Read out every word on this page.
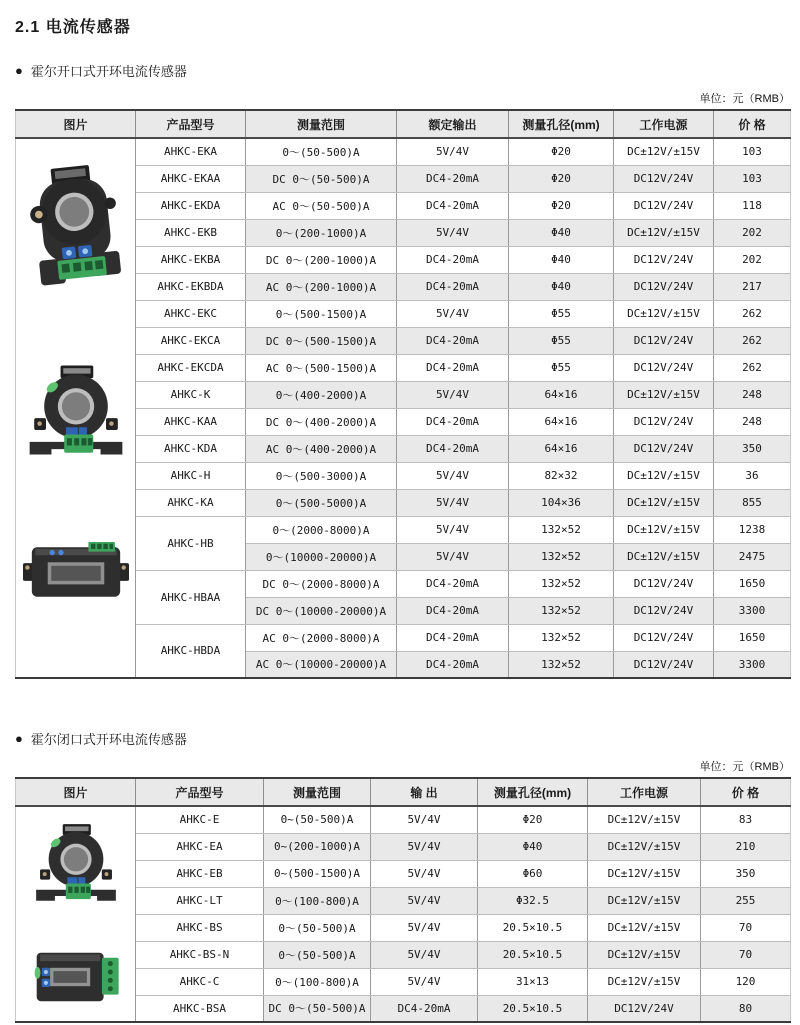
2.1 电流传感器
● 霍尔开口式开环电流传感器
单位：元（RMB）
图片	产品型号	测量范围	额定输出	测量孔径(mm)	工作电源	价 格

	AHKC-EKA	0～(50-500)A	5V/4V	Φ20	DC±12V/±15V	103
	AHKC-EKAA	DC 0～(50-500)A	DC4-20mA	Φ20	DC12V/24V	103
	AHKC-EKDA	AC 0～(50-500)A	DC4-20mA	Φ20	DC12V/24V	118
	AHKC-EKB	0～(200-1000)A	5V/4V	Φ40	DC±12V/±15V	202
	AHKC-EKBA	DC 0～(200-1000)A	DC4-20mA	Φ40	DC12V/24V	202
	AHKC-EKBDA	AC 0～(200-1000)A	DC4-20mA	Φ40	DC12V/24V	217
	AHKC-EKC	0～(500-1500)A	5V/4V	Φ55	DC±12V/±15V	262
	AHKC-EKCA	DC 0～(500-1500)A	DC4-20mA	Φ55	DC12V/24V	262
	AHKC-EKCDA	AC 0～(500-1500)A	DC4-20mA	Φ55	DC12V/24V	262
	AHKC-K	0～(400-2000)A	5V/4V	64×16	DC±12V/±15V	248
	AHKC-KAA	DC 0～(400-2000)A	DC4-20mA	64×16	DC12V/24V	248
	AHKC-KDA	AC 0～(400-2000)A	DC4-20mA	64×16	DC12V/24V	350
	AHKC-H	0～(500-3000)A	5V/4V	82×32	DC±12V/±15V	36
	AHKC-KA	0～(500-5000)A	5V/4V	104×36	DC±12V/±15V	855
	AHKC-HB	0～(2000-8000)A	5V/4V	132×52	DC±12V/±15V	1238
		0～(10000-20000)A	5V/4V	132×52	DC±12V/±15V	2475
	AHKC-HBAA	DC 0～(2000-8000)A	DC4-20mA	132×52	DC12V/24V	1650
		DC 0～(10000-20000)A	DC4-20mA	132×52	DC12V/24V	3300
	AHKC-HBDA	AC 0～(2000-8000)A	DC4-20mA	132×52	DC12V/24V	1650
		AC 0～(10000-20000)A	DC4-20mA	132×52	DC12V/24V	3300
● 霍尔闭口式开环电流传感器
单位：元（RMB）
图片	产品型号	测量范围	输 出	测量孔径(mm)	工作电源	价 格

	AHKC-E	0~(50-500)A	5V/4V	Φ20	DC±12V/±15V	83
	AHKC-EA	0~(200-1000)A	5V/4V	Φ40	DC±12V/±15V	210
	AHKC-EB	0~(500-1500)A	5V/4V	Φ60	DC±12V/±15V	350
	AHKC-LT	0～(100-800)A	5V/4V	Φ32.5	DC±12V/±15V	255
	AHKC-BS	0～(50-500)A	5V/4V	20.5×10.5	DC±12V/±15V	70
	AHKC-BS-N	0～(50-500)A	5V/4V	20.5×10.5	DC±12V/±15V	70
	AHKC-C	0～(100-800)A	5V/4V	31×13	DC±12V/±15V	120
	AHKC-BSA	DC 0～(50-500)A	DC4-20mA	20.5×10.5	DC12V/24V	80
